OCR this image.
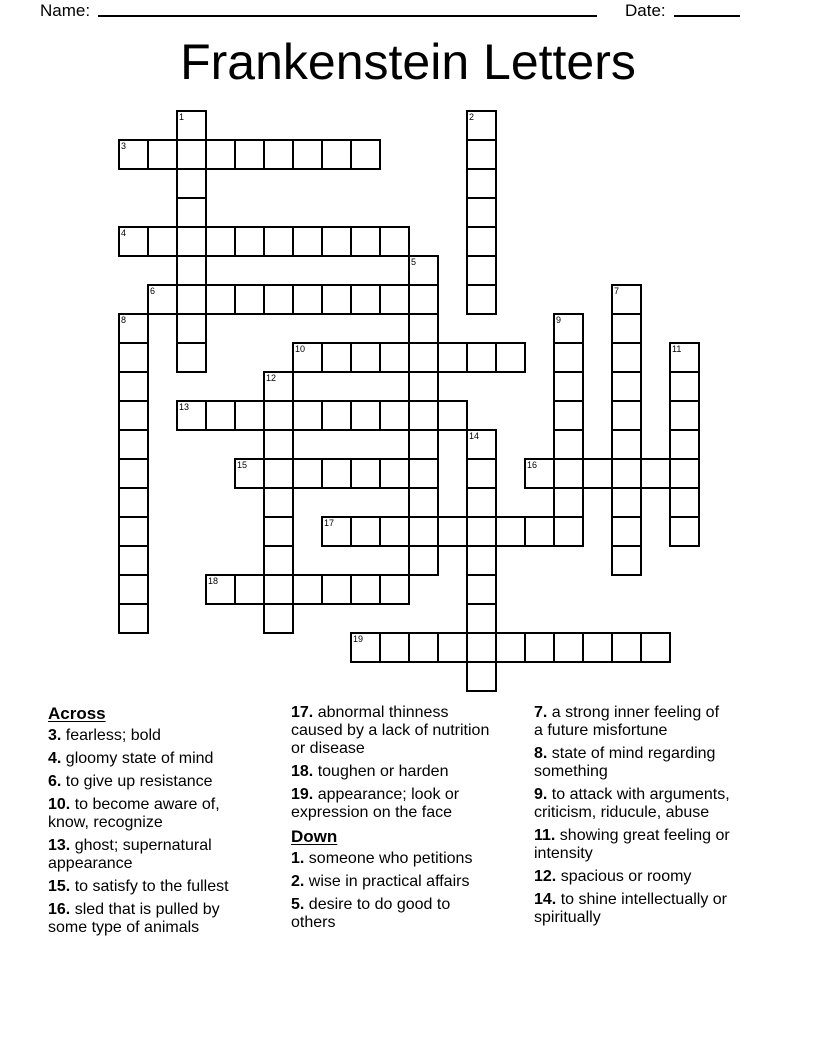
Name:	Date:
Frankenstein Letters
1	2
3
4
5
6	7
8	9
10	11
12
13
14
15	16
17
18
19
Across
3. fearless; bold
4. gloomy state of mind
6. to give up resistance
10. to become aware of, know, recognize
13. ghost; supernatural appearance
15. to satisfy to the fullest
16. sled that is pulled by some type of animals
17. abnormal thinness caused by a lack of nutrition or disease
18. toughen or harden
19. appearance; look or expression on the face
Down
1. someone who petitions
2. wise in practical affairs
5. desire to do good to others
7. a strong inner feeling of a future misfortune
8. state of mind regarding something
9. to attack with arguments, criticism, riducule, abuse
11. showing great feeling or intensity
12. spacious or roomy
14. to shine intellectually or spiritually
